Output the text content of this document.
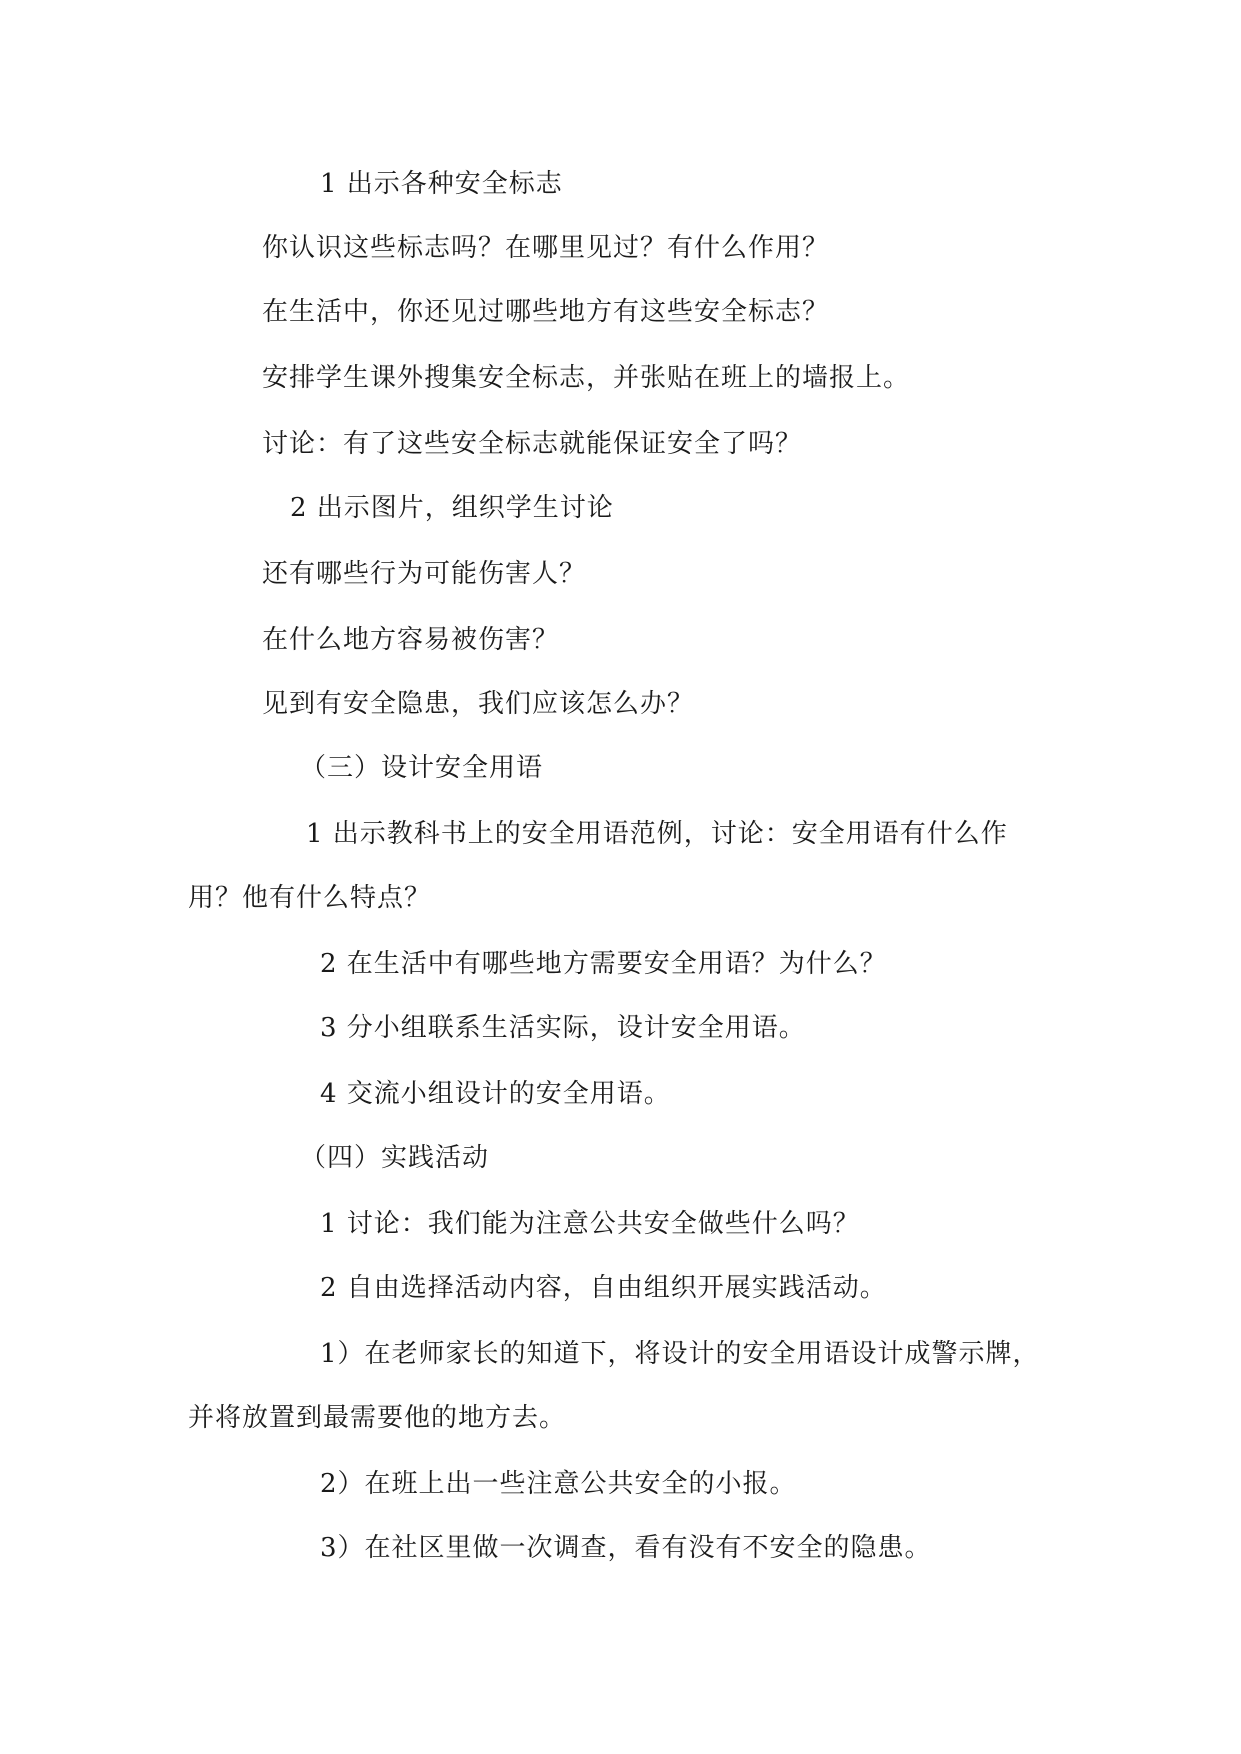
1 出示各种安全标志
你认识这些标志吗？在哪里见过？有什么作用？
在生活中，你还见过哪些地方有这些安全标志？
安排学生课外搜集安全标志，并张贴在班上的墙报上。
讨论：有了这些安全标志就能保证安全了吗？
2 出示图片，组织学生讨论
还有哪些行为可能伤害人？
在什么地方容易被伤害？
见到有安全隐患，我们应该怎么办？
（三）设计安全用语
1 出示教科书上的安全用语范例，讨论：安全用语有什么作
用？他有什么特点？
2 在生活中有哪些地方需要安全用语？为什么？
3 分小组联系生活实际，设计安全用语。
4 交流小组设计的安全用语。
（四）实践活动
1 讨论：我们能为注意公共安全做些什么吗？
2 自由选择活动内容，自由组织开展实践活动。
1）在老师家长的知道下，将设计的安全用语设计成警示牌，
并将放置到最需要他的地方去。
2）在班上出一些注意公共安全的小报。
3）在社区里做一次调查，看有没有不安全的隐患。
